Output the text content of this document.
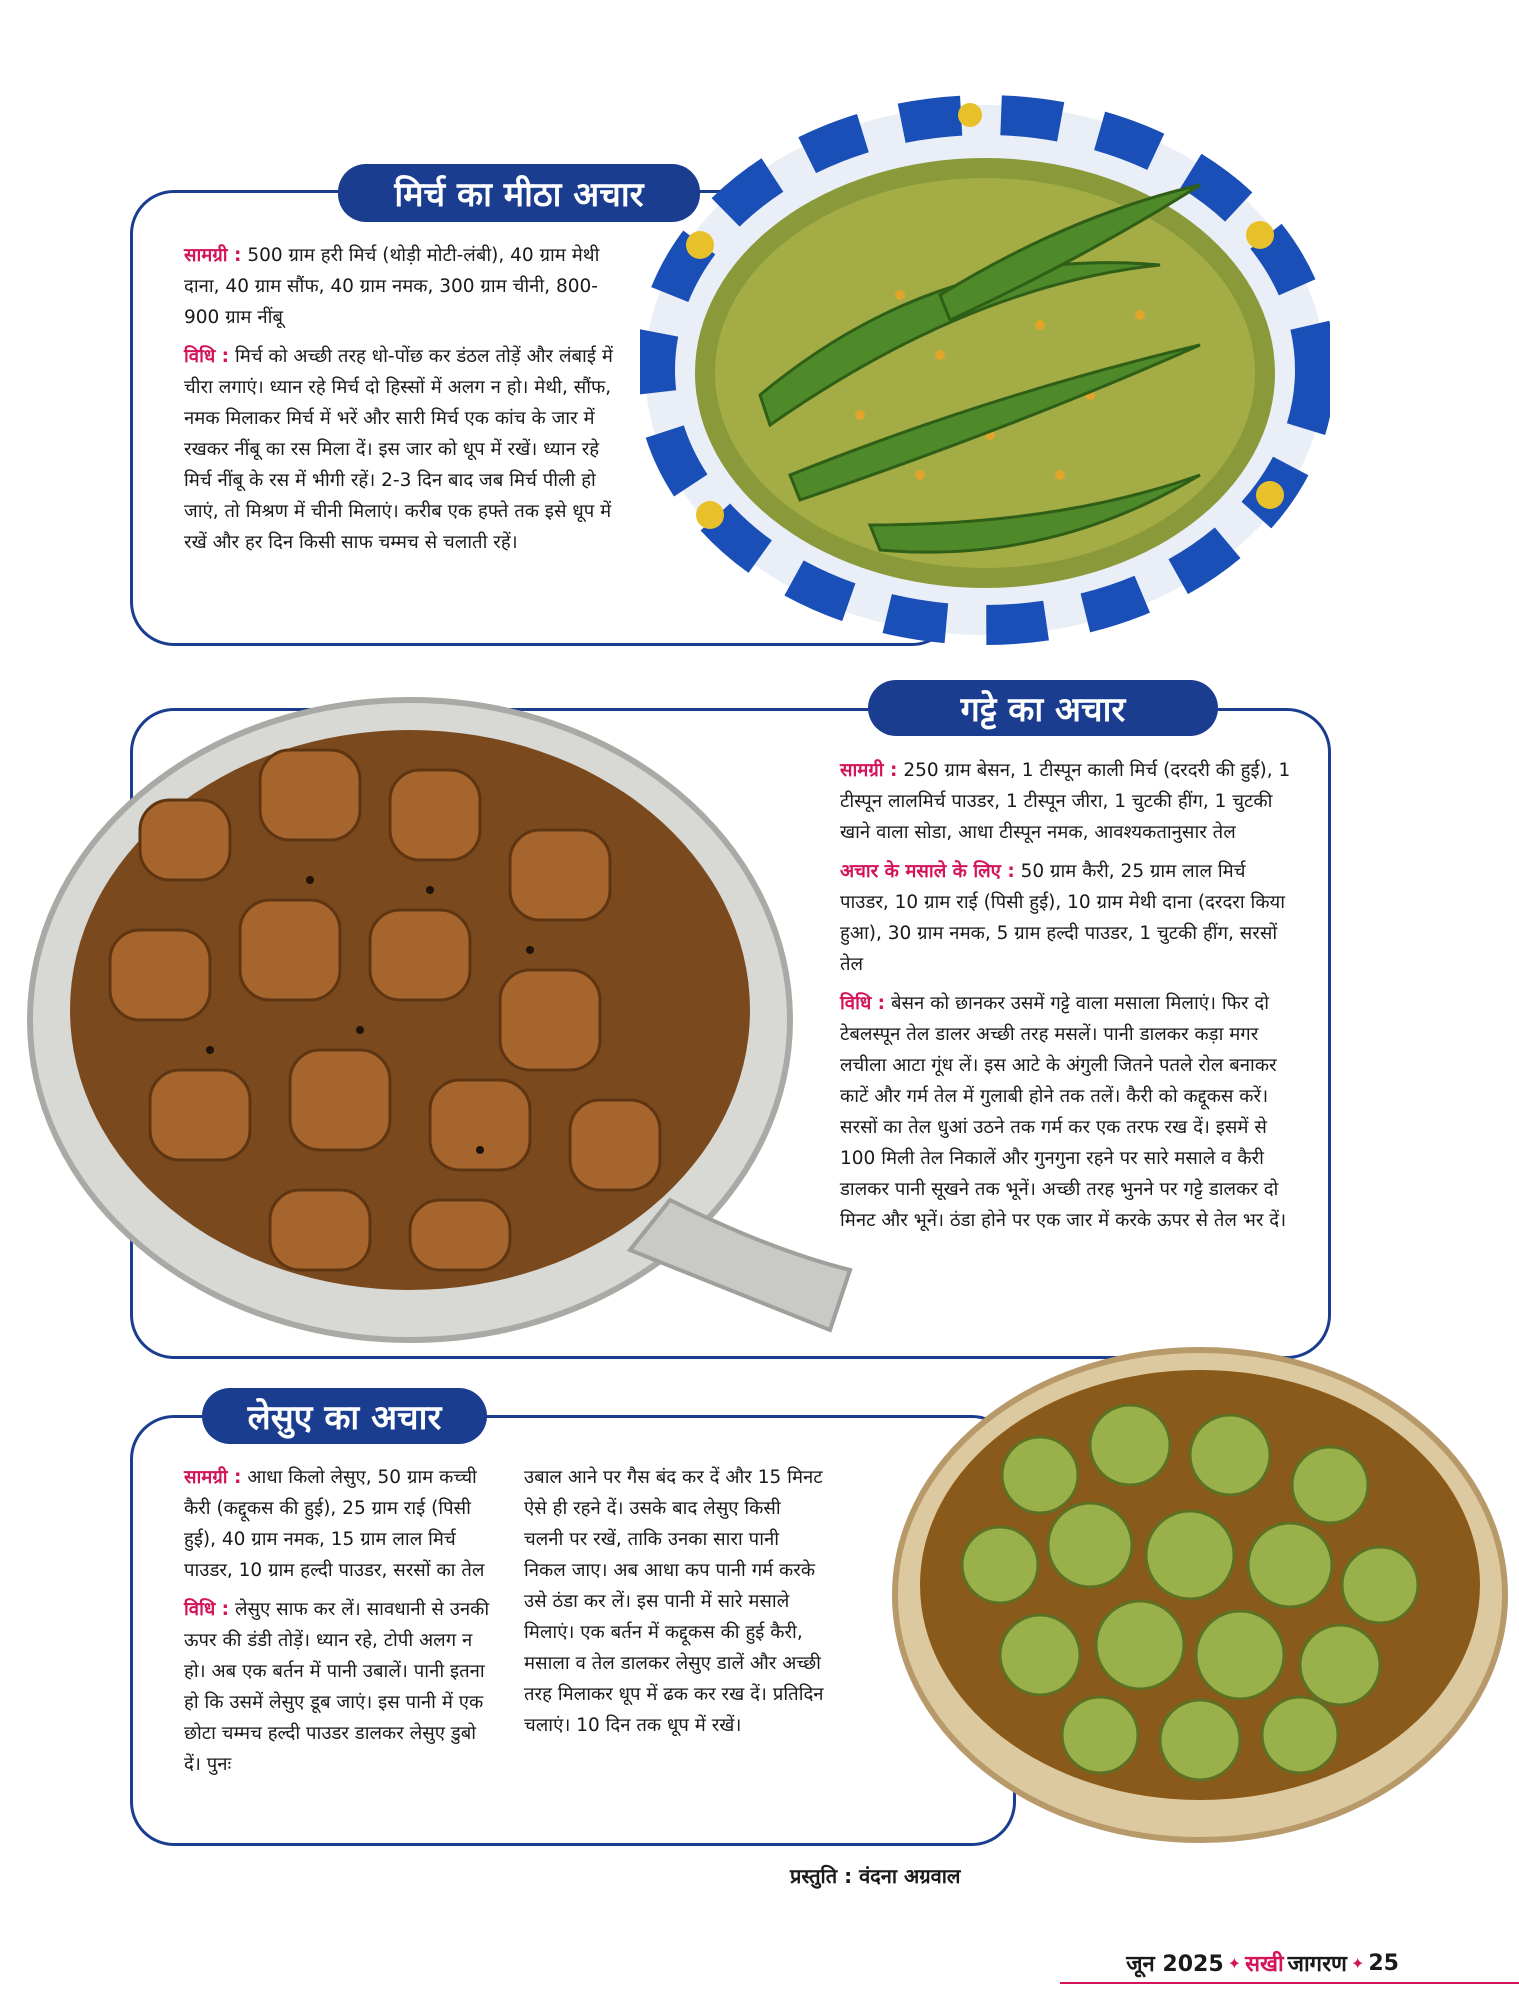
मिर्च का मीठा अचार

सामग्री : 500 ग्राम हरी मिर्च (थोड़ी मोटी-लंबी), 40 ग्राम मेथी दाना, 40 ग्राम सौंफ, 40 ग्राम नमक, 300 ग्राम चीनी, 800-900 ग्राम नींबू

विधि : मिर्च को अच्छी तरह धो-पोंछ कर डंठल तोड़ें और लंबाई में चीरा लगाएं। ध्यान रहे मिर्च दो हिस्सों में अलग न हो। मेथी, सौंफ, नमक मिलाकर मिर्च में भरें और सारी मिर्च एक कांच के जार में रखकर नींबू का रस मिला दें। इस जार को धूप में रखें। ध्यान रहे मिर्च नींबू के रस में भीगी रहें। 2-3 दिन बाद जब मिर्च पीली हो जाएं, तो मिश्रण में चीनी मिलाएं। करीब एक हफ्ते तक इसे धूप में रखें और हर दिन किसी साफ चम्मच से चलाती रहें।

गट्टे का अचार

सामग्री : 250 ग्राम बेसन, 1 टीस्पून काली मिर्च (दरदरी की हुई), 1 टीस्पून लालमिर्च पाउडर, 1 टीस्पून जीरा, 1 चुटकी हींग, 1 चुटकी खाने वाला सोडा, आधा टीस्पून नमक, आवश्यकतानुसार तेल

अचार के मसाले के लिए : 50 ग्राम कैरी, 25 ग्राम लाल मिर्च पाउडर, 10 ग्राम राई (पिसी हुई), 10 ग्राम मेथी दाना (दरदरा किया हुआ), 30 ग्राम नमक, 5 ग्राम हल्दी पाउडर, 1 चुटकी हींग, सरसों तेल

विधि : बेसन को छानकर उसमें गट्टे वाला मसाला मिलाएं। फिर दो टेबलस्पून तेल डालर अच्छी तरह मसलें। पानी डालकर कड़ा मगर लचीला आटा गूंध लें। इस आटे के अंगुली जितने पतले रोल बनाकर काटें और गर्म तेल में गुलाबी होने तक तलें। कैरी को कद्दूकस करें। सरसों का तेल धुआं उठने तक गर्म कर एक तरफ रख दें। इसमें से 100 मिली तेल निकालें और गुनगुना रहने पर सारे मसाले व कैरी डालकर पानी सूखने तक भूनें। अच्छी तरह भुनने पर गट्टे डालकर दो मिनट और भूनें। ठंडा होने पर एक जार में करके ऊपर से तेल भर दें।

लेसुए का अचार

सामग्री : आधा किलो लेसुए, 50 ग्राम कच्ची कैरी (कद्दूकस की हुई), 25 ग्राम राई (पिसी हुई), 40 ग्राम नमक, 15 ग्राम लाल मिर्च पाउडर, 10 ग्राम हल्दी पाउडर, सरसों का तेल

विधि : लेसुए साफ कर लें। सावधानी से उनकी ऊपर की डंडी तोड़ें। ध्यान रहे, टोपी अलग न हो। अब एक बर्तन में पानी उबालें। पानी इतना हो कि उसमें लेसुए डूब जाएं। इस पानी में एक छोटा चम्मच हल्दी पाउडर डालकर लेसुए डुबो दें। पुनः

उबाल आने पर गैस बंद कर दें और 15 मिनट ऐसे ही रहने दें। उसके बाद लेसुए किसी चलनी पर रखें, ताकि उनका सारा पानी निकल जाए। अब आधा कप पानी गर्म करके उसे ठंडा कर लें। इस पानी में सारे मसाले मिलाएं। एक बर्तन में कद्दूकस की हुई कैरी, मसाला व तेल डालकर लेसुए डालें और अच्छी तरह मिलाकर धूप में ढक कर रख दें। प्रतिदिन चलाएं। 10 दिन तक धूप में रखें।

प्रस्तुति : वंदना अग्रवाल
जून 2025 ✦ सखी जागरण ✦ 25
